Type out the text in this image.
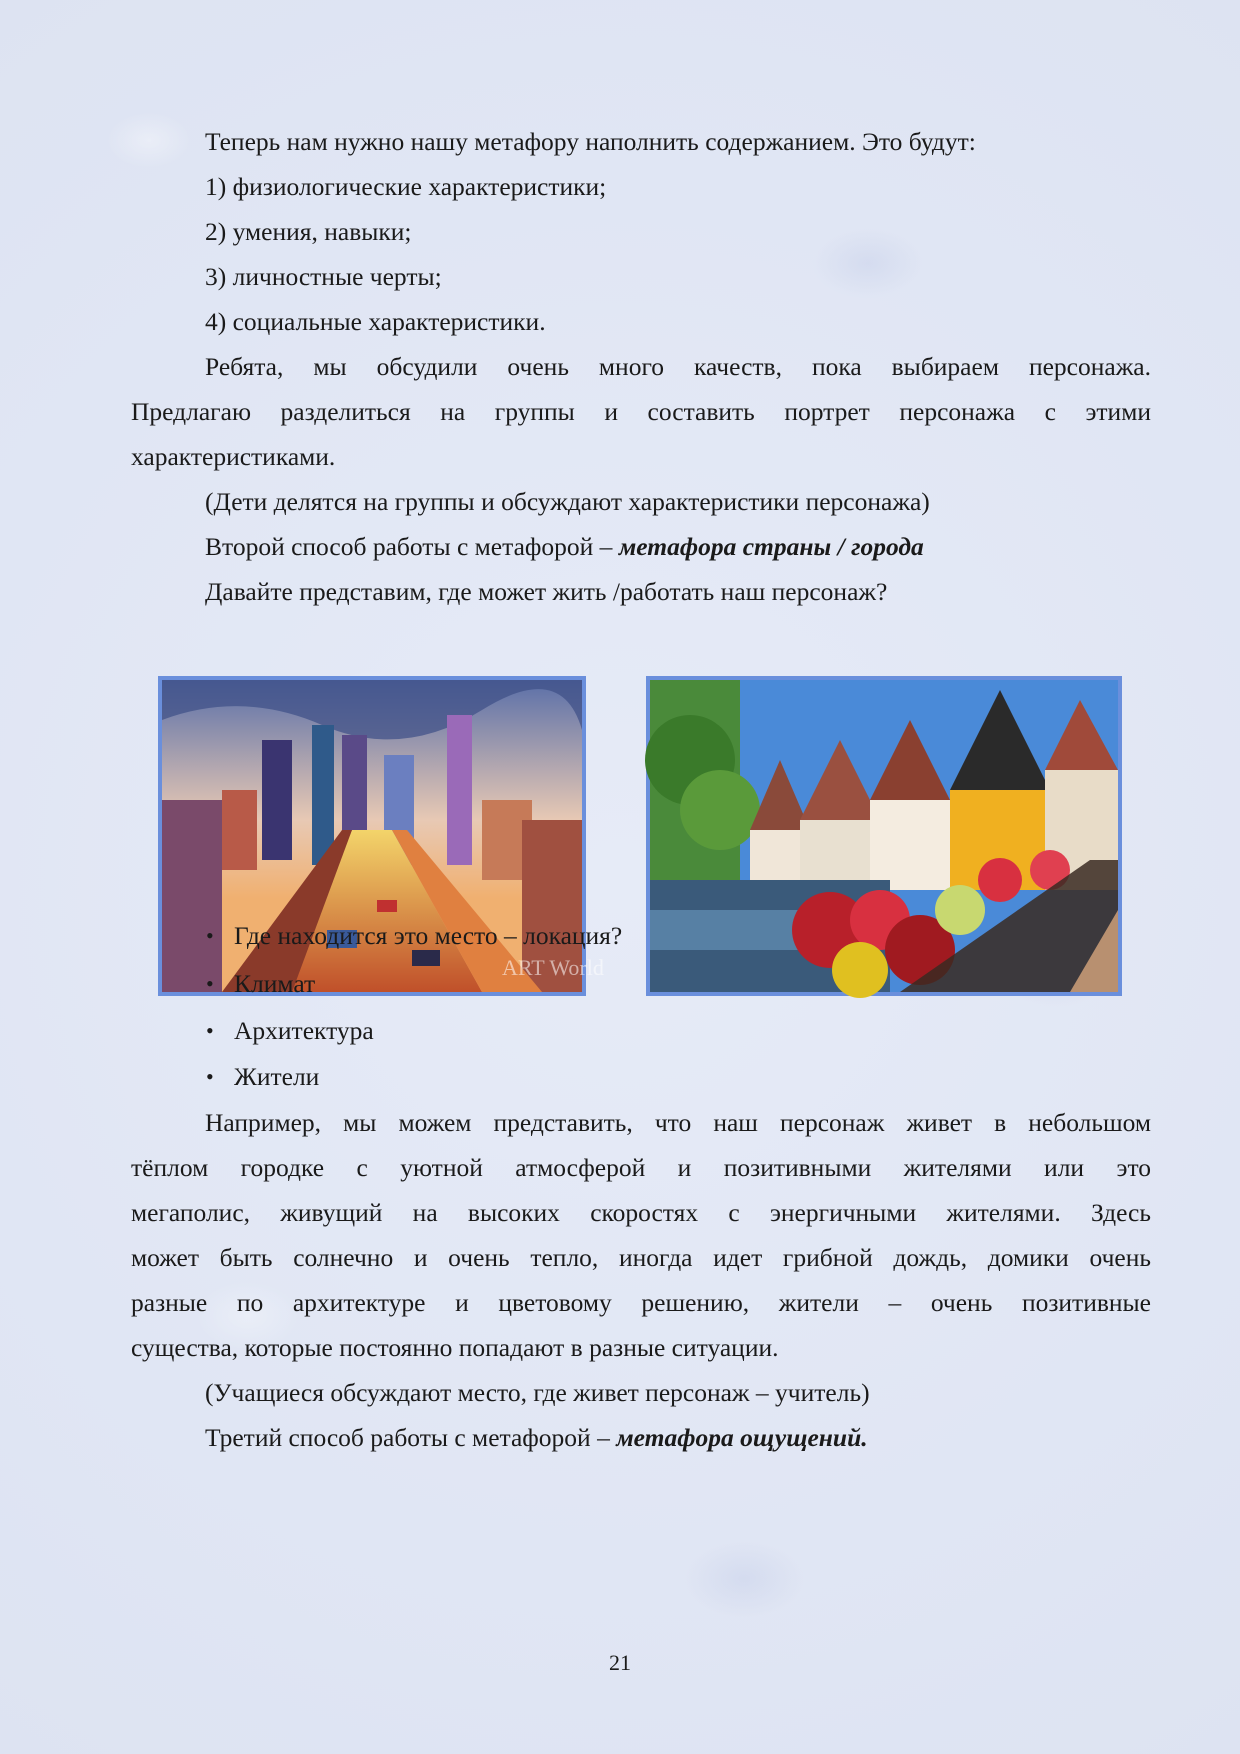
Теперь нам нужно нашу метафору наполнить содержанием. Это будут:
1) физиологические характеристики;
2) умения, навыки;
3) личностные черты;
4) социальные характеристики.
Ребята, мы обсудили очень много качеств, пока выбираем персонажа.
Предлагаю разделиться на группы и составить портрет персонажа с этими
характеристиками.
(Дети делятся на группы и обсуждают характеристики персонажа)
Второй способ работы с метафорой – метафора страны / города
Давайте представим, где может жить /работать наш персонаж?
ART World
• Где находится это место – локация?
• Климат
• Архитектура
• Жители
Например, мы можем представить, что наш персонаж живет в небольшом
тёплом городке с уютной атмосферой и позитивными жителями или это
мегаполис, живущий на высоких скоростях с энергичными жителями. Здесь
может быть солнечно и очень тепло, иногда идет грибной дождь, домики очень
разные по архитектуре и цветовому решению, жители – очень позитивные
существа, которые постоянно попадают в разные ситуации.
(Учащиеся обсуждают место, где живет персонаж – учитель)
Третий способ работы с метафорой – метафора ощущений.
21
